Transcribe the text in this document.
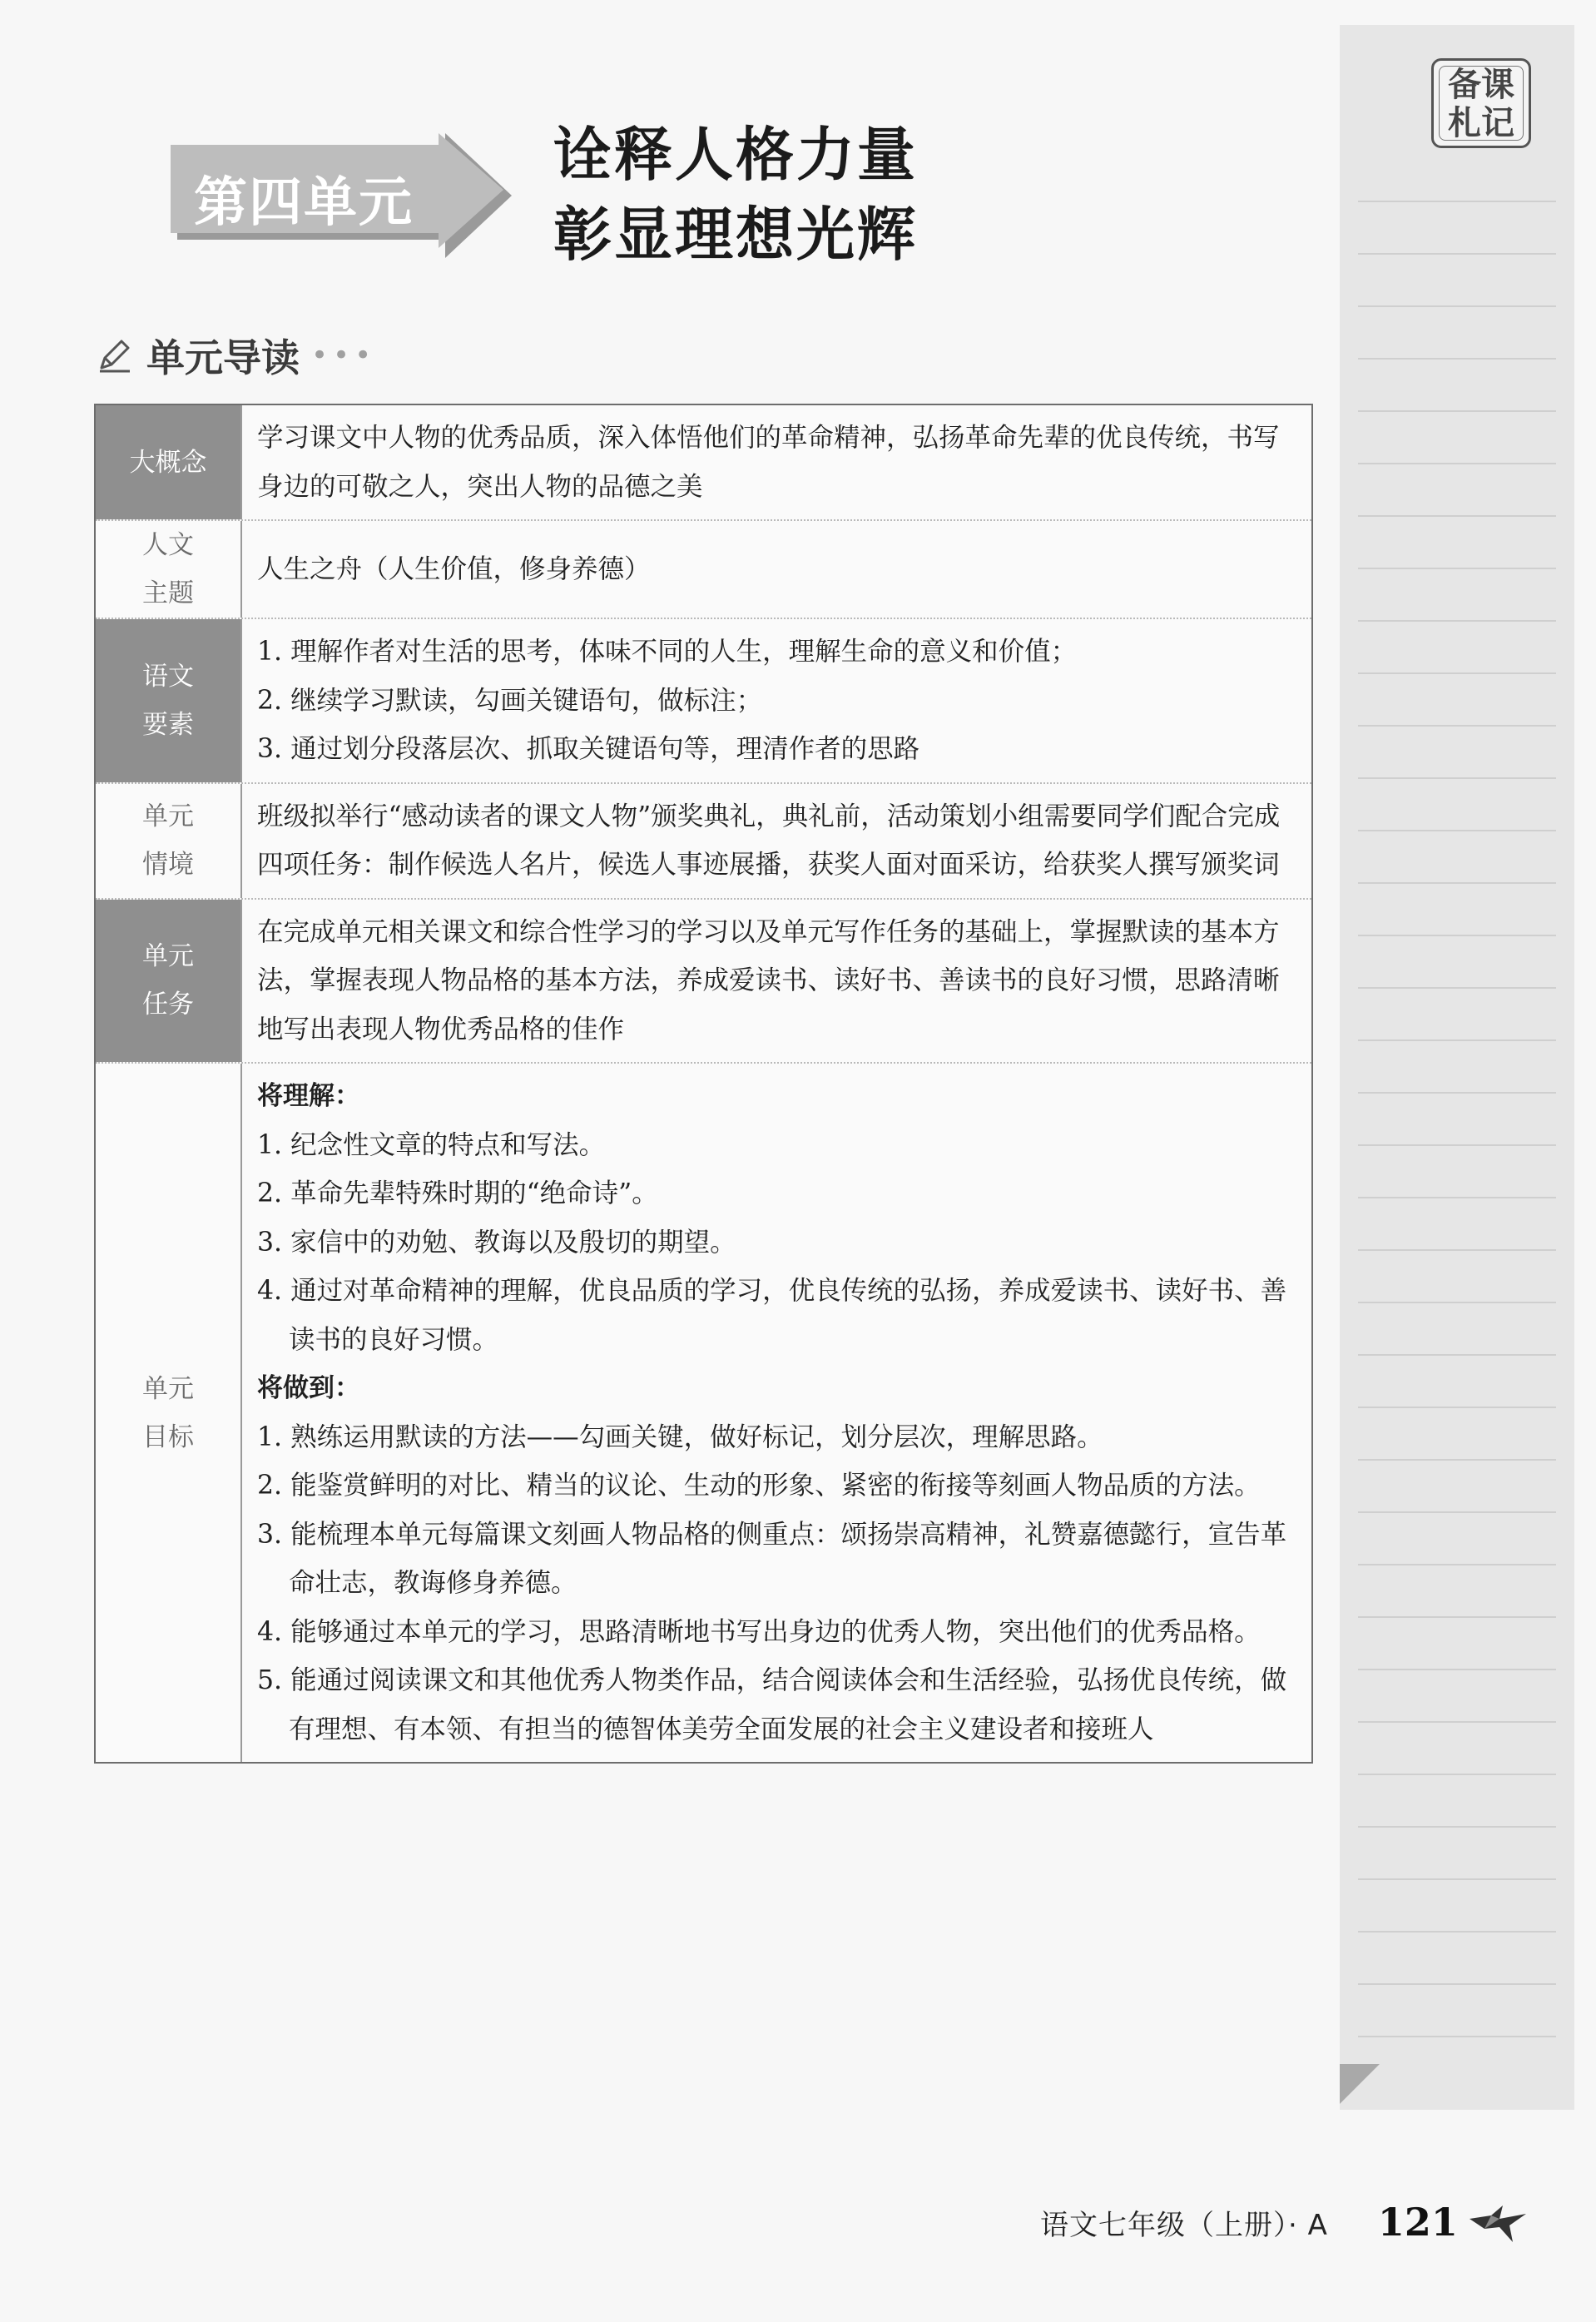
备课
札记
第四单元
诠释人格力量
彰显理想光辉
单元导读 •••
大概念

学习课文中人物的优秀品质，深入体悟他们的革命精神，弘扬革命先辈的优良传统，书写身边的可敬之人，突出人物的品德之美

人文
主题

人生之舟（人生价值，修身养德）

语文
要素

1. 理解作者对生活的思考，体味不同的人生，理解生命的意义和价值；

2. 继续学习默读，勾画关键语句，做标注；

3. 通过划分段落层次、抓取关键语句等，理清作者的思路

单元
情境

班级拟举行“感动读者的课文人物”颁奖典礼，典礼前，活动策划小组需要同学们配合完成四项任务：制作候选人名片，候选人事迹展播，获奖人面对面采访，给获奖人撰写颁奖词

单元
任务

在完成单元相关课文和综合性学习的学习以及单元写作任务的基础上，掌握默读的基本方法，掌握表现人物品格的基本方法，养成爱读书、读好书、善读书的良好习惯，思路清晰地写出表现人物优秀品格的佳作

单元
目标

将理解：

1. 纪念性文章的特点和写法。

2. 革命先辈特殊时期的“绝命诗”。

3. 家信中的劝勉、教诲以及殷切的期望。

4. 通过对革命精神的理解，优良品质的学习，优良传统的弘扬，养成爱读书、读好书、善读书的良好习惯。

将做到：

1. 熟练运用默读的方法——勾画关键，做好标记，划分层次，理解思路。

2. 能鉴赏鲜明的对比、精当的议论、生动的形象、紧密的衔接等刻画人物品质的方法。

3. 能梳理本单元每篇课文刻画人物品格的侧重点：颂扬崇高精神，礼赞嘉德懿行，宣告革命壮志，教诲修身养德。

4. 能够通过本单元的学习，思路清晰地书写出身边的优秀人物，突出他们的优秀品格。

5. 能通过阅读课文和其他优秀人物类作品，结合阅读体会和生活经验，弘扬优良传统，做有理想、有本领、有担当的德智体美劳全面发展的社会主义建设者和接班人

语文七年级（上册）· A 121
